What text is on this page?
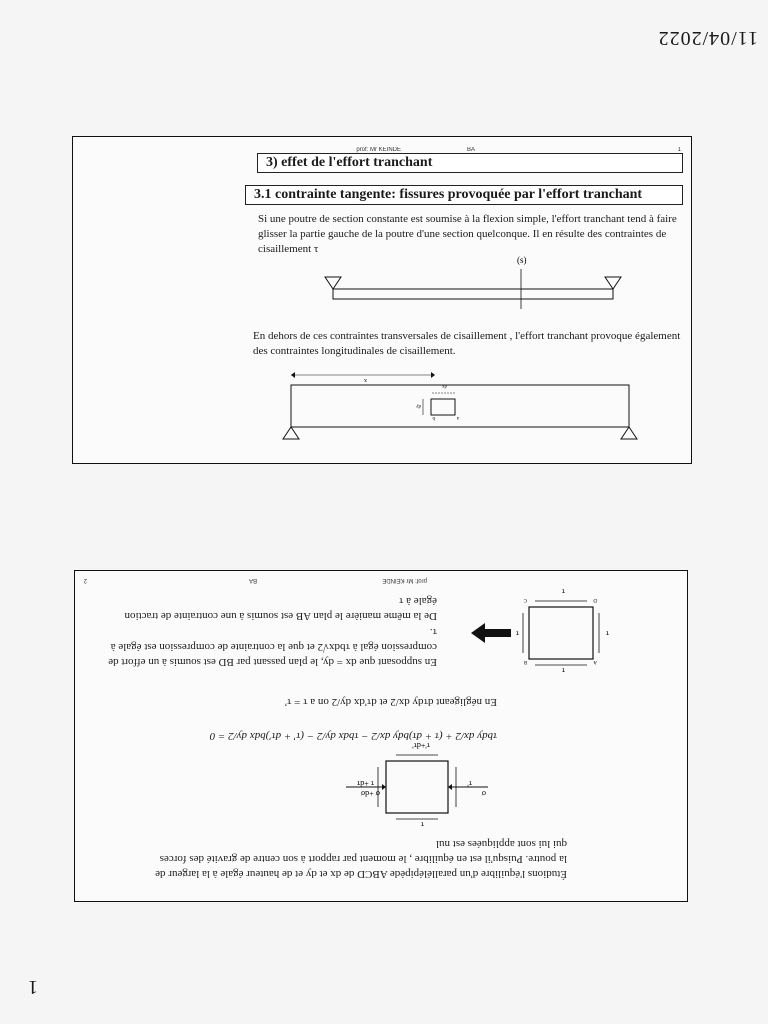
1
11/04/2022
Étudions l'équilibre d'un parallélépipède ABCD de dx et dy et de hauteur égale à la largeur de la poutre. Puisqu'il est en équilibre , le moment par rapport à son centre de gravité des forces qui lui sont appliquées est nul
σ
σ +dσ
τ
τ'+dτ'
τ'
τ +dτ
τbdy dx/2 + (τ + dτ)bdy dx/2 − τbdx dy/2 − (τ' + dτ')bdx dy/2 = 0
En négligeant dτdy dx/2 et dτ'dx dy/2 on a τ = τ'
En supposant que dx = dy, le plan passant par BD est soumis à un effort de compression égal à τbdx√2 et que la contrainte de compression est égale à τ.
De la même manière le plan AB est soumis à une contrainte de traction égale à τ
τ
τ
τ
τ
A
B
D
C
prof: Mr KEINDE
BA
2
3) effet de l'effort tranchant
3.1 contrainte tangente: fissures provoquée par l'effort tranchant
Si une poutre de section constante est soumise à la flexion simple, l'effort tranchant tend à faire glisser la partie gauche de la poutre d'une section quelconque. Il en résulte des contraintes de cisaillement τ
(s)
En dehors de ces contraintes transversales de cisaillement , l'effort tranchant provoque également des contraintes longitudinales de cisaillement.
dy
dx
x
a
b
prof: Mr KEINDE	BA	1
